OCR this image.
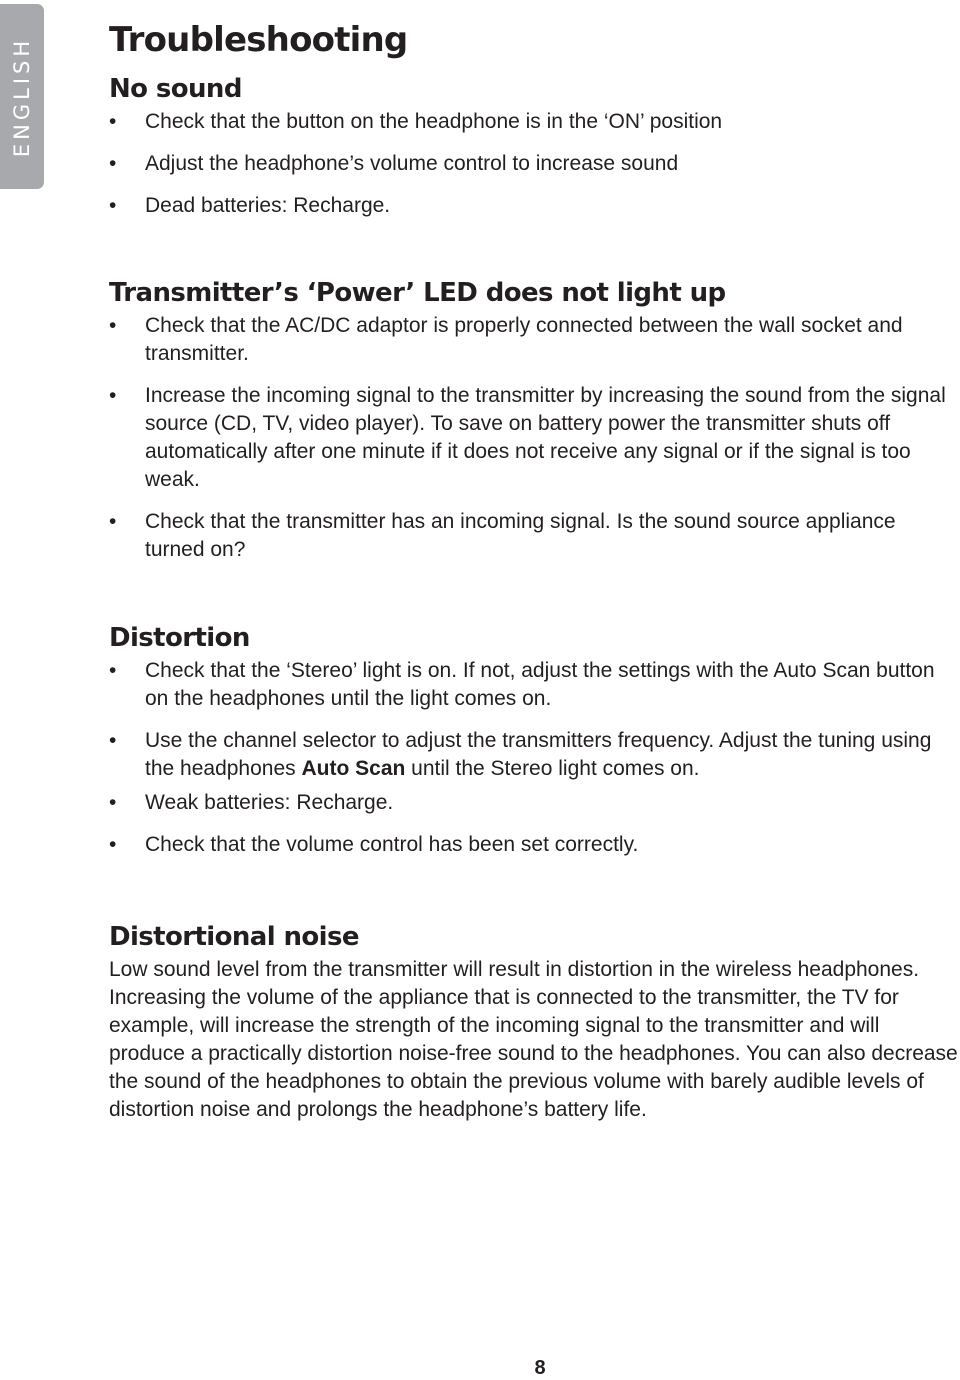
ENGLISH Troubleshooting
No sound
• Check that the button on the headphone is in the ‘ON’ position
• Adjust the headphone’s volume control to increase sound
• Dead batteries: Recharge.
Transmitter’s ‘Power’ LED does not light up
• Check that the AC/DC adaptor is properly connected between the wall socket and transmitter.
• Increase the incoming signal to the transmitter by increasing the sound from the signal source (CD, TV, video player). To save on battery power the transmitter shuts off automatically after one minute if it does not receive any signal or if the signal is too weak.
• Check that the transmitter has an incoming signal. Is the sound source appliance turned on?
Distortion
• Check that the ‘Stereo’ light is on. If not, adjust the settings with the Auto Scan button on the headphones until the light comes on.
• Use the channel selector to adjust the transmitters frequency. Adjust the tuning using the headphones Auto Scan until the Stereo light comes on.
• Weak batteries: Recharge.
• Check that the volume control has been set correctly.
Distortional noise

Low sound level from the transmitter will result in distortion in the wireless headphones. Increasing the volume of the appliance that is connected to the transmitter, the TV for example, will increase the strength of the incoming signal to the transmitter and will produce a practically distortion noise-free sound to the headphones. You can also decrease the sound of the headphones to obtain the previous volume with barely audible levels of distortion noise and prolongs the headphone’s battery life.

8
